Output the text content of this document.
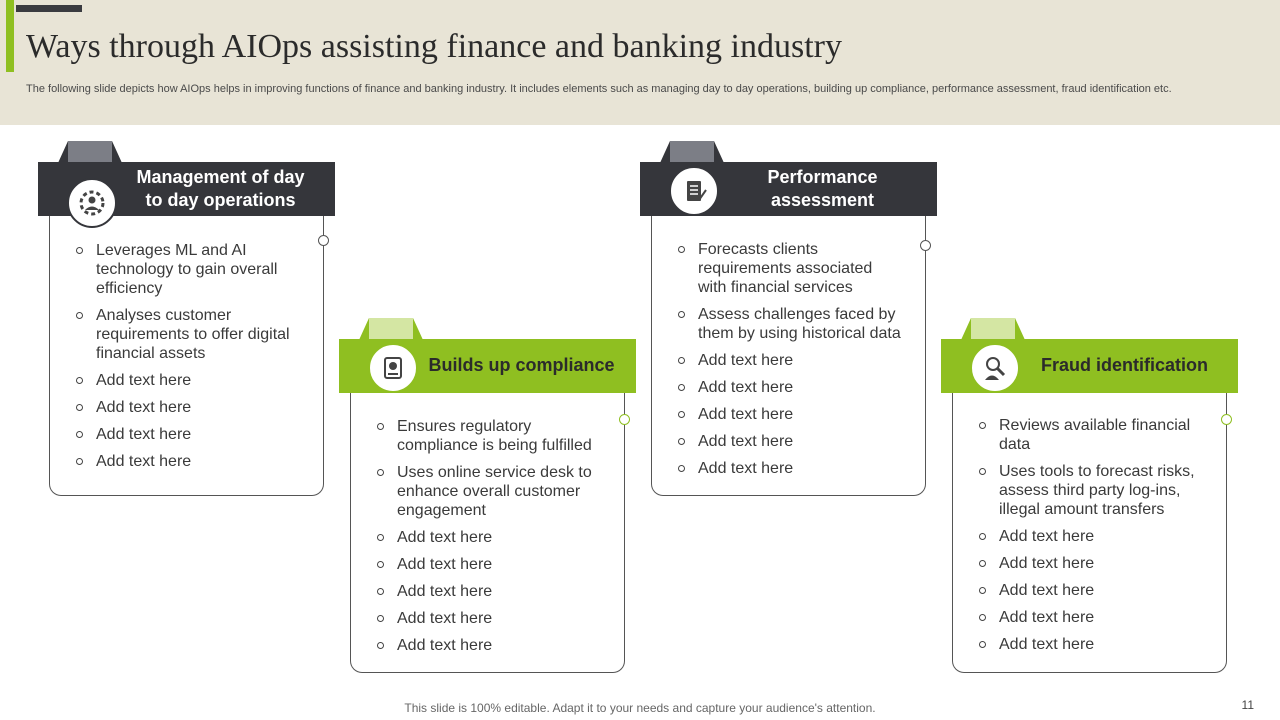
Ways through AIOps assisting finance and banking industry
The following slide depicts how AIOps helps in improving functions of finance and banking industry. It includes elements such as managing day to day operations, building up compliance, performance assessment, fraud identification etc.
Management of day to day operations
Leverages ML and AI technology to gain overall efficiency
Analyses customer requirements to offer digital financial assets
Add text here
Add text here
Add text here
Add text here
Builds up compliance
Ensures regulatory compliance is being fulfilled
Uses online service desk to enhance overall customer engagement
Add text here
Add text here
Add text here
Add text here
Add text here
Performance assessment
Forecasts clients requirements associated with financial services
Assess challenges faced by them by using historical data
Add text here
Add text here
Add text here
Add text here
Add text here
Fraud identification
Reviews available financial data
Uses tools to forecast risks, assess third party log-ins, illegal amount transfers
Add text here
Add text here
Add text here
Add text here
Add text here
This slide is 100% editable. Adapt it to your needs and capture your audience's attention.	11
